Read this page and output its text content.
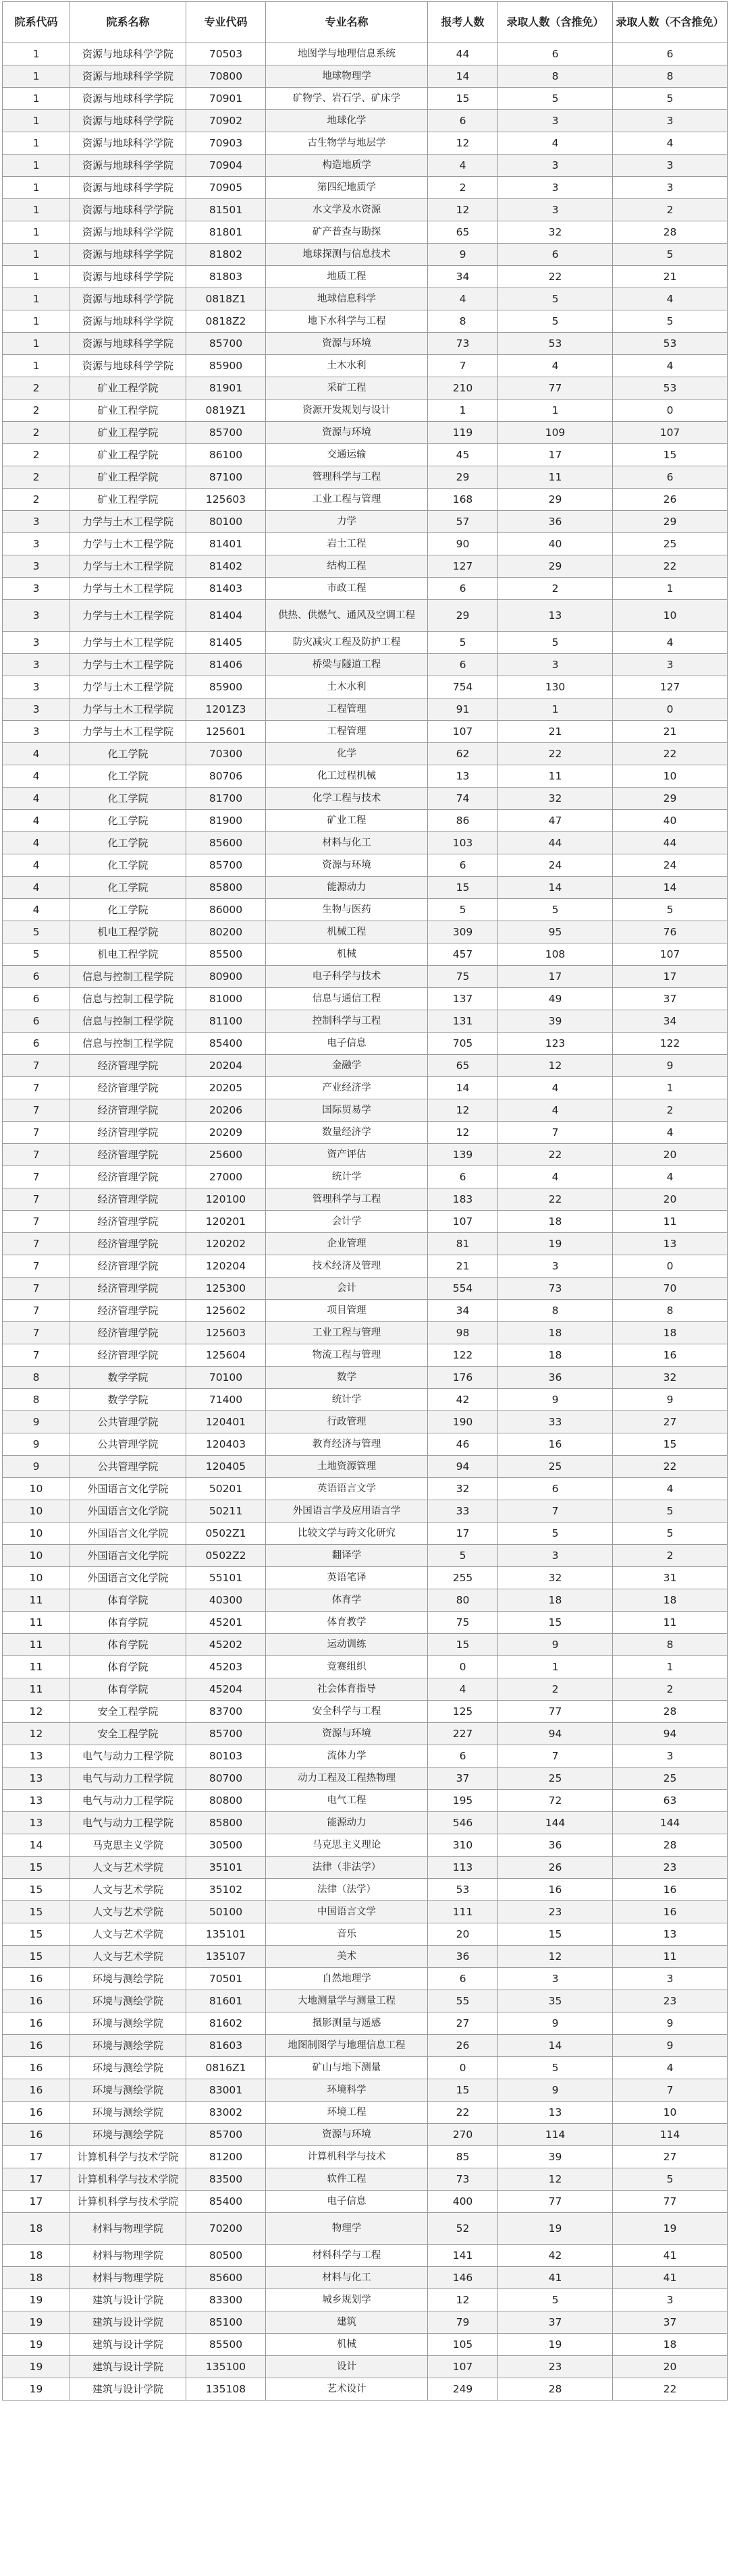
院系代码	院系名称	专业代码	专业名称	报考人数	录取人数（含推免）	录取人数（不含推免）
1	资源与地球科学学院	70503	地图学与地理信息系统	44	6	6
1	资源与地球科学学院	70800	地球物理学	14	8	8
1	资源与地球科学学院	70901	矿物学、岩石学、矿床学	15	5	5
1	资源与地球科学学院	70902	地球化学	6	3	3
1	资源与地球科学学院	70903	古生物学与地层学	12	4	4
1	资源与地球科学学院	70904	构造地质学	4	3	3
1	资源与地球科学学院	70905	第四纪地质学	2	3	3
1	资源与地球科学学院	81501	水文学及水资源	12	3	2
1	资源与地球科学学院	81801	矿产普查与勘探	65	32	28
1	资源与地球科学学院	81802	地球探测与信息技术	9	6	5
1	资源与地球科学学院	81803	地质工程	34	22	21
1	资源与地球科学学院	0818Z1	地球信息科学	4	5	4
1	资源与地球科学学院	0818Z2	地下水科学与工程	8	5	5
1	资源与地球科学学院	85700	资源与环境	73	53	53
1	资源与地球科学学院	85900	土木水利	7	4	4
2	矿业工程学院	81901	采矿工程	210	77	53
2	矿业工程学院	0819Z1	资源开发规划与设计	1	1	0
2	矿业工程学院	85700	资源与环境	119	109	107
2	矿业工程学院	86100	交通运输	45	17	15
2	矿业工程学院	87100	管理科学与工程	29	11	6
2	矿业工程学院	125603	工业工程与管理	168	29	26
3	力学与土木工程学院	80100	力学	57	36	29
3	力学与土木工程学院	81401	岩土工程	90	40	25
3	力学与土木工程学院	81402	结构工程	127	29	22
3	力学与土木工程学院	81403	市政工程	6	2	1
3	力学与土木工程学院	81404	供热、供燃气、通风及空调工程	29	13	10
3	力学与土木工程学院	81405	防灾减灾工程及防护工程	5	5	4
3	力学与土木工程学院	81406	桥梁与隧道工程	6	3	3
3	力学与土木工程学院	85900	土木水利	754	130	127
3	力学与土木工程学院	1201Z3	工程管理	91	1	0
3	力学与土木工程学院	125601	工程管理	107	21	21
4	化工学院	70300	化学	62	22	22
4	化工学院	80706	化工过程机械	13	11	10
4	化工学院	81700	化学工程与技术	74	32	29
4	化工学院	81900	矿业工程	86	47	40
4	化工学院	85600	材料与化工	103	44	44
4	化工学院	85700	资源与环境	6	24	24
4	化工学院	85800	能源动力	15	14	14
4	化工学院	86000	生物与医药	5	5	5
5	机电工程学院	80200	机械工程	309	95	76
5	机电工程学院	85500	机械	457	108	107
6	信息与控制工程学院	80900	电子科学与技术	75	17	17
6	信息与控制工程学院	81000	信息与通信工程	137	49	37
6	信息与控制工程学院	81100	控制科学与工程	131	39	34
6	信息与控制工程学院	85400	电子信息	705	123	122
7	经济管理学院	20204	金融学	65	12	9
7	经济管理学院	20205	产业经济学	14	4	1
7	经济管理学院	20206	国际贸易学	12	4	2
7	经济管理学院	20209	数量经济学	12	7	4
7	经济管理学院	25600	资产评估	139	22	20
7	经济管理学院	27000	统计学	6	4	4
7	经济管理学院	120100	管理科学与工程	183	22	20
7	经济管理学院	120201	会计学	107	18	11
7	经济管理学院	120202	企业管理	81	19	13
7	经济管理学院	120204	技术经济及管理	21	3	0
7	经济管理学院	125300	会计	554	73	70
7	经济管理学院	125602	项目管理	34	8	8
7	经济管理学院	125603	工业工程与管理	98	18	18
7	经济管理学院	125604	物流工程与管理	122	18	16
8	数学学院	70100	数学	176	36	32
8	数学学院	71400	统计学	42	9	9
9	公共管理学院	120401	行政管理	190	33	27
9	公共管理学院	120403	教育经济与管理	46	16	15
9	公共管理学院	120405	土地资源管理	94	25	22
10	外国语言文化学院	50201	英语语言文学	32	6	4
10	外国语言文化学院	50211	外国语言学及应用语言学	33	7	5
10	外国语言文化学院	0502Z1	比较文学与跨文化研究	17	5	5
10	外国语言文化学院	0502Z2	翻译学	5	3	2
10	外国语言文化学院	55101	英语笔译	255	32	31
11	体育学院	40300	体育学	80	18	18
11	体育学院	45201	体育教学	75	15	11
11	体育学院	45202	运动训练	15	9	8
11	体育学院	45203	竞赛组织	0	1	1
11	体育学院	45204	社会体育指导	4	2	2
12	安全工程学院	83700	安全科学与工程	125	77	28
12	安全工程学院	85700	资源与环境	227	94	94
13	电气与动力工程学院	80103	流体力学	6	7	3
13	电气与动力工程学院	80700	动力工程及工程热物理	37	25	25
13	电气与动力工程学院	80800	电气工程	195	72	63
13	电气与动力工程学院	85800	能源动力	546	144	144
14	马克思主义学院	30500	马克思主义理论	310	36	28
15	人文与艺术学院	35101	法律（非法学）	113	26	23
15	人文与艺术学院	35102	法律（法学）	53	16	16
15	人文与艺术学院	50100	中国语言文学	111	23	16
15	人文与艺术学院	135101	音乐	20	15	13
15	人文与艺术学院	135107	美术	36	12	11
16	环境与测绘学院	70501	自然地理学	6	3	3
16	环境与测绘学院	81601	大地测量学与测量工程	55	35	23
16	环境与测绘学院	81602	摄影测量与遥感	27	9	9
16	环境与测绘学院	81603	地图制图学与地理信息工程	26	14	9
16	环境与测绘学院	0816Z1	矿山与地下测量	0	5	4
16	环境与测绘学院	83001	环境科学	15	9	7
16	环境与测绘学院	83002	环境工程	22	13	10
16	环境与测绘学院	85700	资源与环境	270	114	114
17	计算机科学与技术学院	81200	计算机科学与技术	85	39	27
17	计算机科学与技术学院	83500	软件工程	73	12	5
17	计算机科学与技术学院	85400	电子信息	400	77	77
18	材料与物理学院	70200	物理学	52	19	19
18	材料与物理学院	80500	材料科学与工程	141	42	41
18	材料与物理学院	85600	材料与化工	146	41	41
19	建筑与设计学院	83300	城乡规划学	12	5	3
19	建筑与设计学院	85100	建筑	79	37	37
19	建筑与设计学院	85500	机械	105	19	18
19	建筑与设计学院	135100	设计	107	23	20
19	建筑与设计学院	135108	艺术设计	249	28	22
